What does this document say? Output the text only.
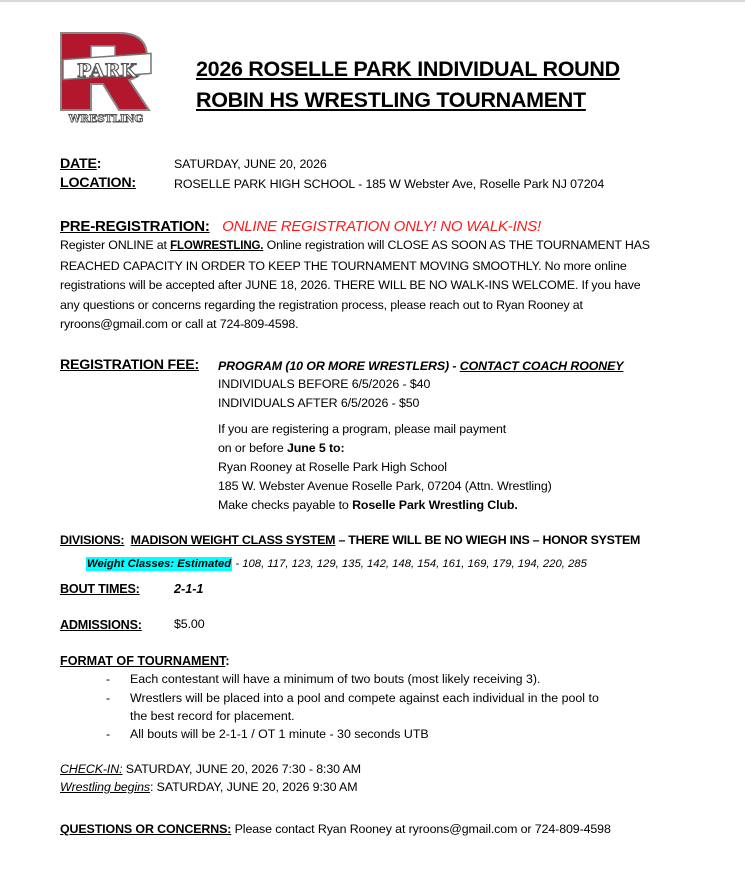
PARK
WRESTLING
2026 ROSELLE PARK INDIVIDUAL ROUND
ROBIN HS WRESTLING TOURNAMENT
DATE:	SATURDAY, JUNE 20, 2026
LOCATION:	ROSELLE PARK HIGH SCHOOL - 185 W Webster Ave, Roselle Park NJ 07204
PRE-REGISTRATION: ONLINE REGISTRATION ONLY! NO WALK-INS!
Register ONLINE at FLOWRESTLING. Online registration will CLOSE AS SOON AS THE TOURNAMENT HAS REACHED CAPACITY IN ORDER TO KEEP THE TOURNAMENT MOVING SMOOTHLY. No more online registrations will be accepted after JUNE 18, 2026. THERE WILL BE NO WALK-INS WELCOME. If you have any questions or concerns regarding the registration process, please reach out to Ryan Rooney at ryroons@gmail.com or call at 724-809-4598.
REGISTRATION FEE: PROGRAM (10 OR MORE WRESTLERS) - CONTACT COACH ROONEY
INDIVIDUALS BEFORE 6/5/2026 - $40
INDIVIDUALS AFTER 6/5/2026 - $50
If you are registering a program, please mail payment
on or before June 5 to:
Ryan Rooney at Roselle Park High School
185 W. Webster Avenue Roselle Park, 07204 (Attn. Wrestling)
Make checks payable to Roselle Park Wrestling Club.
DIVISIONS: MADISON WEIGHT CLASS SYSTEM – THERE WILL BE NO WIEGH INS – HONOR SYSTEM
Weight Classes: Estimated - 108, 117, 123, 129, 135, 142, 148, 154, 161, 169, 179, 194, 220, 285
BOUT TIMES:	2-1-1
ADMISSIONS:	$5.00
FORMAT OF TOURNAMENT:
- Each contestant will have a minimum of two bouts (most likely receiving 3).
- Wrestlers will be placed into a pool and compete against each individual in the pool to
the best record for placement.
- All bouts will be 2-1-1 / OT 1 minute - 30 seconds UTB
CHECK-IN: SATURDAY, JUNE 20, 2026 7:30 - 8:30 AM
Wrestling begins: SATURDAY, JUNE 20, 2026 9:30 AM
QUESTIONS OR CONCERNS: Please contact Ryan Rooney at ryroons@gmail.com or 724-809-4598
